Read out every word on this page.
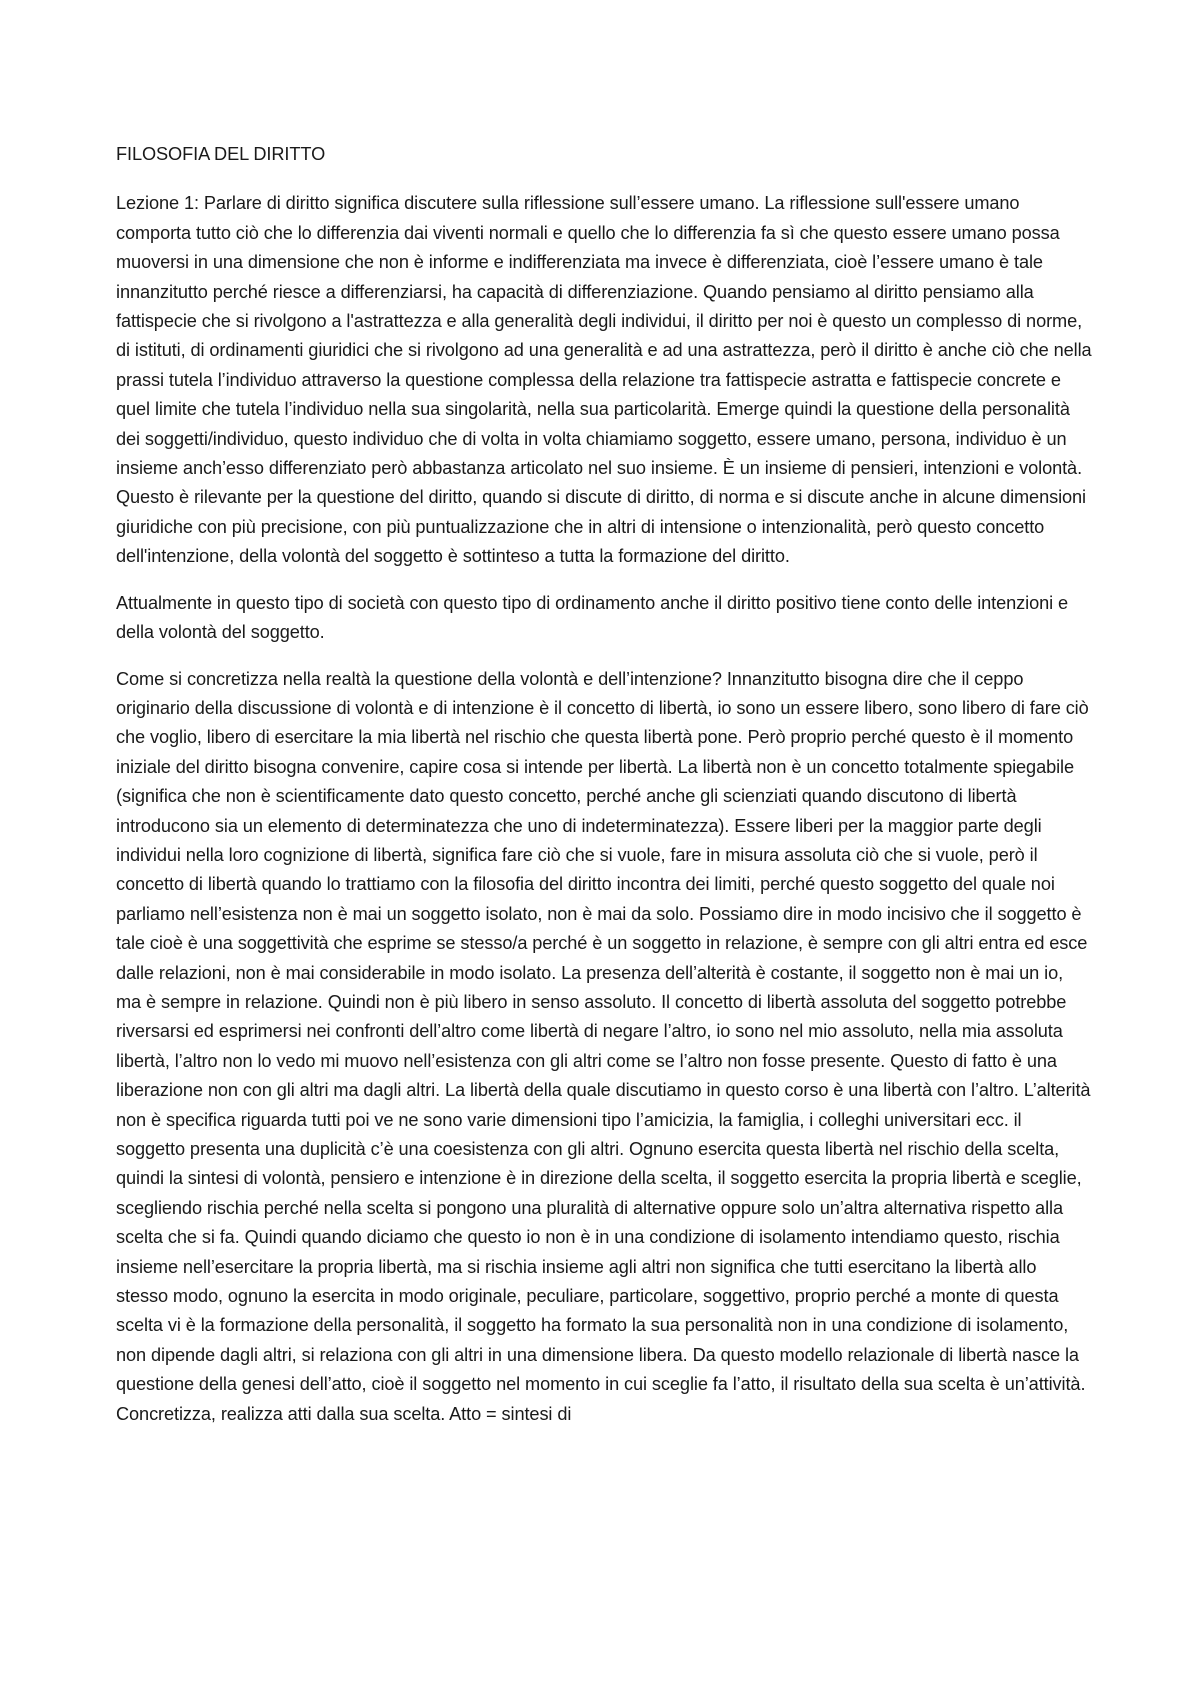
FILOSOFIA DEL DIRITTO

Lezione 1: Parlare di diritto significa discutere sulla riflessione sull’essere umano. La riflessione sull'essere umano comporta tutto ciò che lo differenzia dai viventi normali e quello che lo differenzia fa sì che questo essere umano possa muoversi in una dimensione che non è informe e indifferenziata ma invece è differenziata, cioè l’essere umano è tale innanzitutto perché riesce a differenziarsi, ha capacità di differenziazione. Quando pensiamo al diritto pensiamo alla fattispecie che si rivolgono a l'astrattezza e alla generalità degli individui, il diritto per noi è questo un complesso di norme, di istituti, di ordinamenti giuridici che si rivolgono ad una generalità e ad una astrattezza, però il diritto è anche ciò che nella prassi tutela l’individuo attraverso la questione complessa della relazione tra fattispecie astratta e fattispecie concrete e quel limite che tutela l’individuo nella sua singolarità, nella sua particolarità. Emerge quindi la questione della personalità dei soggetti/individuo, questo individuo che di volta in volta chiamiamo soggetto, essere umano, persona, individuo è un insieme anch’esso differenziato però abbastanza articolato nel suo insieme. È un insieme di pensieri, intenzioni e volontà. Questo è rilevante per la questione del diritto, quando si discute di diritto, di norma e si discute anche in alcune dimensioni giuridiche con più precisione, con più puntualizzazione che in altri di intensione o intenzionalità, però questo concetto dell'intenzione, della volontà del soggetto è sottinteso a tutta la formazione del diritto.

Attualmente in questo tipo di società con questo tipo di ordinamento anche il diritto positivo tiene conto delle intenzioni e della volontà del soggetto.

Come si concretizza nella realtà la questione della volontà e dell’intenzione? Innanzitutto bisogna dire che il ceppo originario della discussione di volontà e di intenzione è il concetto di libertà, io sono un essere libero, sono libero di fare ciò che voglio, libero di esercitare la mia libertà nel rischio che questa libertà pone. Però proprio perché questo è il momento iniziale del diritto bisogna convenire, capire cosa si intende per libertà. La libertà non è un concetto totalmente spiegabile (significa che non è scientificamente dato questo concetto, perché anche gli scienziati quando discutono di libertà introducono sia un elemento di determinatezza che uno di indeterminatezza). Essere liberi per la maggior parte degli individui nella loro cognizione di libertà, significa fare ciò che si vuole, fare in misura assoluta ciò che si vuole, però il concetto di libertà quando lo trattiamo con la filosofia del diritto incontra dei limiti, perché questo soggetto del quale noi parliamo nell’esistenza non è mai un soggetto isolato, non è mai da solo. Possiamo dire in modo incisivo che il soggetto è tale cioè è una soggettività che esprime se stesso/a perché è un soggetto in relazione, è sempre con gli altri entra ed esce dalle relazioni, non è mai considerabile in modo isolato. La presenza dell’alterità è costante, il soggetto non è mai un io, ma è sempre in relazione. Quindi non è più libero in senso assoluto. Il concetto di libertà assoluta del soggetto potrebbe riversarsi ed esprimersi nei confronti dell’altro come libertà di negare l’altro, io sono nel mio assoluto, nella mia assoluta libertà, l’altro non lo vedo mi muovo nell’esistenza con gli altri come se l’altro non fosse presente. Questo di fatto è una liberazione non con gli altri ma dagli altri. La libertà della quale discutiamo in questo corso è una libertà con l’altro. L’alterità non è specifica riguarda tutti poi ve ne sono varie dimensioni tipo l’amicizia, la famiglia, i colleghi universitari ecc. il soggetto presenta una duplicità c’è una coesistenza con gli altri. Ognuno esercita questa libertà nel rischio della scelta, quindi la sintesi di volontà, pensiero e intenzione è in direzione della scelta, il soggetto esercita la propria libertà e sceglie, scegliendo rischia perché nella scelta si pongono una pluralità di alternative oppure solo un’altra alternativa rispetto alla scelta che si fa. Quindi quando diciamo che questo io non è in una condizione di isolamento intendiamo questo, rischia insieme nell’esercitare la propria libertà, ma si rischia insieme agli altri non significa che tutti esercitano la libertà allo stesso modo, ognuno la esercita in modo originale, peculiare, particolare, soggettivo, proprio perché a monte di questa scelta vi è la formazione della personalità, il soggetto ha formato la sua personalità non in una condizione di isolamento, non dipende dagli altri, si relaziona con gli altri in una dimensione libera. Da questo modello relazionale di libertà nasce la questione della genesi dell’atto, cioè il soggetto nel momento in cui sceglie fa l’atto, il risultato della sua scelta è un’attività. Concretizza, realizza atti dalla sua scelta. Atto = sintesi di
